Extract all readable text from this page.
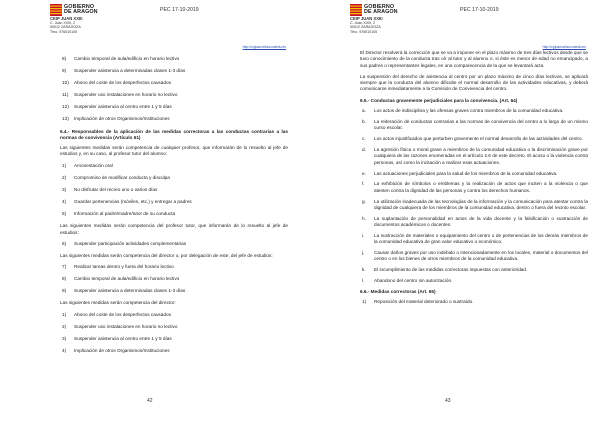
GOBIERNO
DE ARAGON
CEIP JUAN XXIII
C. Juan XXIII, 2
50012 ZARAGOZA
Tfno. 976510105
PEC 17-10-2019
http://cpjuanxxiiiza.catedu.es
8) Cambio temporal de aula/edificio en horario lectivo
9) Suspender asistencia a determinadas clases 1-3 días
10) Abono del coste de los desperfectos causados
11) Suspender uso instalaciones en horario no lectivo
12) Suspender asistencia al centro entre 1 y 5 días
13) Implicación de otros Organismos/Instituciones

6.4.- Responsables de la aplicación de las medidas correctoras a las conductas contrarias a las normas de convivencia (Artículo 61)

Las siguientes medidas serán competencia de cualquier profesor, que informarán de lo resuelto al jefe de estudios y, en su caso, al profesor tutor del alumno:

1) Amonestación oral
2) Compromiso de modificar conducta y disculpa
3) No disfrutar del recreo uno o varios días
4) Guardar pertenencias (móviles, etc.) y entregar a padres
5) Información al padre/madre/tutor de su conducta

Las siguientes medidas serán competencia del profesor tutor, que informarán de lo resuelto al jefe de estudios:

6) Suspender participación actividades complementarias

Las siguientes medidas serán competencia del director o, por delegación de este, del jefe de estudios:

7) Realizar tareas dentro y fuera del horario lectivo
8) Cambio temporal de aula/edificio en horario lectivo
9) Suspender asistencia a determinadas clases 1-3 días

Las siguientes medidas serán competencia del director:

1) Abono del coste de los desperfectos causados
2) Suspender uso instalaciones en horario no lectivo
3) Suspender asistencia al centro entre 1 y 5 días
4) Implicación de otros Organismos/Instituciones
42
GOBIERNO
DE ARAGON
CEIP JUAN XXIII
C. Juan XXIII, 2
50012 ZARAGOZA
Tfno. 976510105
PEC 17-10-2019
http://cpjuanxxiiiza.catedu.es

El Director resolverá la corrección que se va a imponer en el plazo máximo de tres días lectivos desde que se tuvo conocimiento de la conducta tras oír al tutor y al alumno o, si éste es menor de edad no emancipado, a sus padres o representantes legales, en una comparecencia de la que se levantará acta.

La suspensión del derecho de asistencia al centro por un plazo máximo de cinco días lectivos, se aplicará siempre que la conducta del alumno dificulte el normal desarrollo de las actividades educativas, y deberá comunicarse inmediatamente a la Comisión de Convivencia del centro.

6.5.- Conductas gravemente perjudiciales para la convivencia. (Art. 64)

a. Los actos de indisciplina y las ofensas graves contra miembros de la comunidad educativa.
b. La reiteración de conductas contrarias a las normas de convivencia del centro a lo largo de un mismo curso escolar.
c. Los actos injustificados que perturben gravemente el normal desarrollo de las actividades del centro.
d. La agresión física o moral grave a miembros de la comunidad educativa o la discriminación grave por cualquiera de las razones enumeradas en el artículo 2.6 de este decreto. El acoso o la violencia contra personas, así como la incitación a realizar esas actuaciones.
e. Las actuaciones perjudiciales para la salud de los miembros de la comunidad educativa.
f. La exhibición de símbolos o emblemas y la realización de actos que inciten a la violencia o que atenten contra la dignidad de las personas y contra los derechos humanos.
g. La utilización inadecuada de las tecnologías de la información y la comunicación para atentar contra la dignidad de cualquiera de los miembros de la comunidad educativa, dentro o fuera del recinto escolar.
h. La suplantación de personalidad en actos de la vida docente y la falsificación o sustracción de documentos académicos o docentes.
i. La sustracción de materiales o equipamiento del centro o de pertenencias de los demás miembros de la comunidad educativa de gran valor educativo o económico.
j. Causar daños graves por uso indebido o intencionadamente en los locales, material o documentos del centro o en los bienes de otros miembros de la comunidad educativa.
k. El incumplimiento de las medidas correctoras impuestas con anterioridad.
l. Abandono del centro sin autorización.

6.6.- Medidas correctoras (Art. 65)

1) Reposición del material deteriorado o sustraído.
43
